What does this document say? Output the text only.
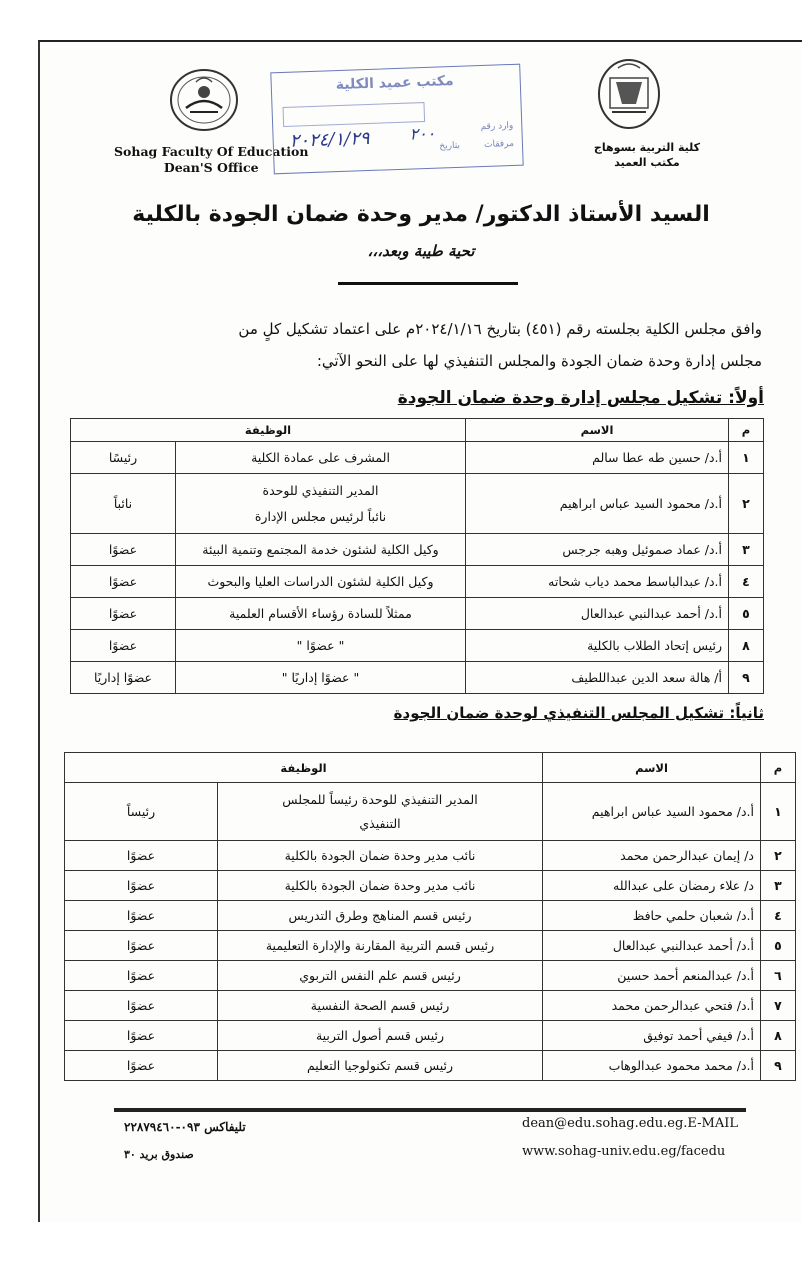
Sohag Faculty Of Education
Dean'S Office
كلية التربية بسوهاج
مكتب العميد
مكتب عميد الكلية
وارد رقم
بتاريخ	مرفقات
٢٠٢٤/١/٢٩ ٢٠٠
السيد الأستاذ الدكتور/ مدير وحدة ضمان الجودة بالكلية
تحية طيبة وبعد،،،
وافق مجلس الكلية بجلسته رقم (٤٥١) بتاريخ ٢٠٢٤/١/١٦م على اعتماد تشكيل كلٍ من
مجلس إدارة وحدة ضمان الجودة والمجلس التنفيذي لها على النحو الآتي:
أولاً: تشكيل مجلس إدارة وحدة ضمان الجودة
م	الاسم	الوظيفة	
١	أ.د/ حسين طه عطا سالم	المشرف على عمادة الكلية	رئيسًا
٢	أ.د/ محمود السيد عباس ابراهيم	المدير التنفيذي للوحدة
نائباً لرئيس مجلس الإدارة	نائباً
٣	أ.د/ عماد صموئيل وهبه جرجس	وكيل الكلية لشئون خدمة المجتمع وتنمية البيئة	عضوًا
٤	أ.د/ عبدالباسط محمد دياب شحاته	وكيل الكلية لشئون الدراسات العليا والبحوث	عضوًا
٥	أ.د/ أحمد عبدالنبي عبدالعال	ممثلاً للسادة رؤساء الأقسام العلمية	عضوًا
٨	رئيس إتحاد الطلاب بالكلية	" عضوًا "	عضوًا
٩	أ/ هالة سعد الدين عبداللطيف	" عضوًا إداريًا "	عضوًا إداريًا
ثانياً: تشكيل المجلس التنفيذي لوحدة ضمان الجودة
م	الاسم	الوظيفة	
١	أ.د/ محمود السيد عباس ابراهيم	المدير التنفيذي للوحدة رئيساً للمجلس
التنفيذي	رئيساً
٢	د/ إيمان عبدالرحمن محمد	نائب مدير وحدة ضمان الجودة بالكلية	عضوًا
٣	د/ علاء رمضان على عبدالله	نائب مدير وحدة ضمان الجودة بالكلية	عضوًا
٤	أ.د/ شعبان حلمي حافظ	رئيس قسم المناهج وطرق التدريس	عضوًا
٥	أ.د/ أحمد عبدالنبي عبدالعال	رئيس قسم التربية المقارنة والإدارة التعليمية	عضوًا
٦	أ.د/ عبدالمنعم أحمد حسين	رئيس قسم علم النفس التربوي	عضوًا
٧	أ.د/ فتحي عبدالرحمن محمد	رئيس قسم الصحة النفسية	عضوًا
٨	أ.د/ فيفي أحمد توفيق	رئيس قسم أصول التربية	عضوًا
٩	أ.د/ محمد محمود عبدالوهاب	رئيس قسم تكنولوجيا التعليم	عضوًا
dean@edu.sohag.edu.eg.E-MAIL
www.sohag-univ.edu.eg/facedu
تليفاكس ٠٩٣-٢٢٨٧٩٤٦٠
صندوق بريد ٣٠
